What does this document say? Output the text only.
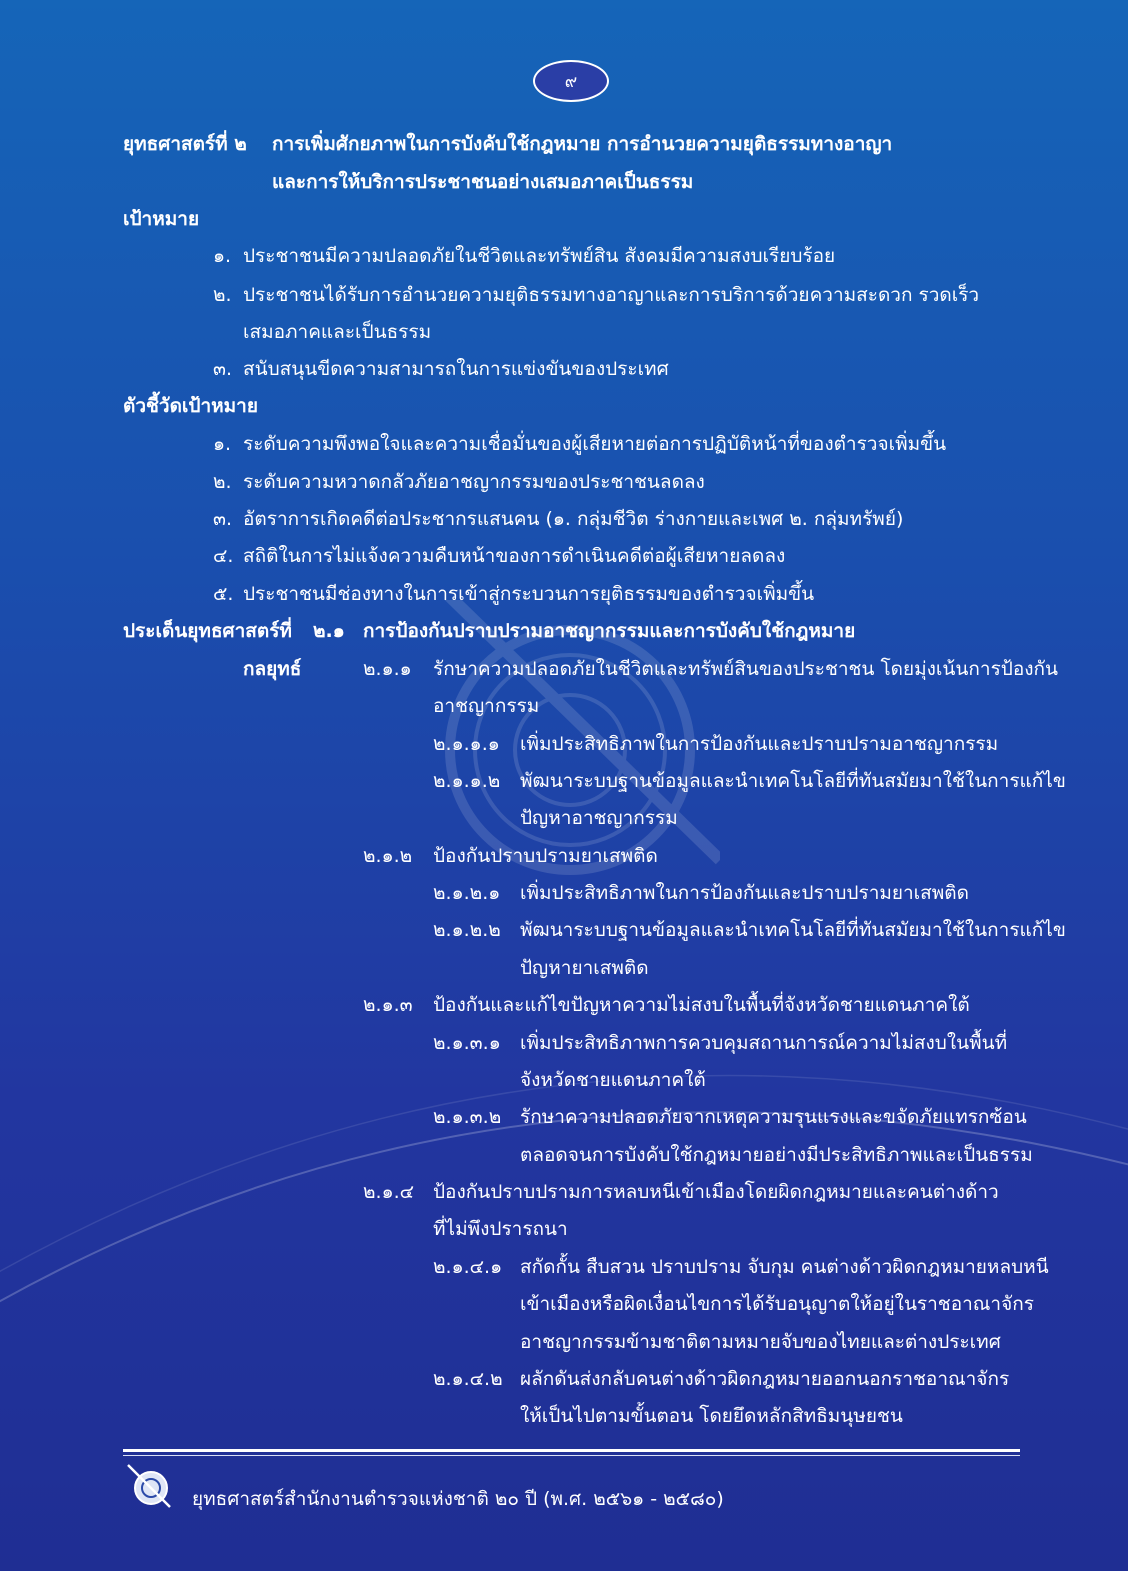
๙
ยุทธศาสตร์ที่ ๒ การเพิ่มศักยภาพในการบังคับใช้กฎหมาย การอำนวยความยุติธรรมทางอาญา
และการให้บริการประชาชนอย่างเสมอภาคเป็นธรรม
เป้าหมาย
๑. ประชาชนมีความปลอดภัยในชีวิตและทรัพย์สิน สังคมมีความสงบเรียบร้อย
๒. ประชาชนได้รับการอำนวยความยุติธรรมทางอาญาและการบริการด้วยความสะดวก รวดเร็ว
เสมอภาคและเป็นธรรม
๓. สนับสนุนขีดความสามารถในการแข่งขันของประเทศ
ตัวชี้วัดเป้าหมาย
๑. ระดับความพึงพอใจและความเชื่อมั่นของผู้เสียหายต่อการปฏิบัติหน้าที่ของตำรวจเพิ่มขึ้น
๒. ระดับความหวาดกลัวภัยอาชญากรรมของประชาชนลดลง
๓. อัตราการเกิดคดีต่อประชากรแสนคน (๑. กลุ่มชีวิต ร่างกายและเพศ ๒. กลุ่มทรัพย์)
๔. สถิติในการไม่แจ้งความคืบหน้าของการดำเนินคดีต่อผู้เสียหายลดลง
๕. ประชาชนมีช่องทางในการเข้าสู่กระบวนการยุติธรรมของตำรวจเพิ่มขึ้น
ประเด็นยุทธศาสตร์ที่ ๒.๑ การป้องกันปราบปรามอาชญากรรมและการบังคับใช้กฎหมาย
กลยุทธ์	๒.๑.๑ รักษาความปลอดภัยในชีวิตและทรัพย์สินของประชาชน โดยมุ่งเน้นการป้องกัน
อาชญากรรม
๒.๑.๑.๑ เพิ่มประสิทธิภาพในการป้องกันและปราบปรามอาชญากรรม
๒.๑.๑.๒ พัฒนาระบบฐานข้อมูลและนำเทคโนโลยีที่ทันสมัยมาใช้ในการแก้ไข
ปัญหาอาชญากรรม
๒.๑.๒ ป้องกันปราบปรามยาเสพติด
๒.๑.๒.๑ เพิ่มประสิทธิภาพในการป้องกันและปราบปรามยาเสพติด
๒.๑.๒.๒ พัฒนาระบบฐานข้อมูลและนำเทคโนโลยีที่ทันสมัยมาใช้ในการแก้ไข
ปัญหายาเสพติด
๒.๑.๓ ป้องกันและแก้ไขปัญหาความไม่สงบในพื้นที่จังหวัดชายแดนภาคใต้
๒.๑.๓.๑ เพิ่มประสิทธิภาพการควบคุมสถานการณ์ความไม่สงบในพื้นที่
จังหวัดชายแดนภาคใต้
๒.๑.๓.๒ รักษาความปลอดภัยจากเหตุความรุนแรงและขจัดภัยแทรกซ้อน
ตลอดจนการบังคับใช้กฎหมายอย่างมีประสิทธิภาพและเป็นธรรม
๒.๑.๔ ป้องกันปราบปรามการหลบหนีเข้าเมืองโดยผิดกฎหมายและคนต่างด้าว
ที่ไม่พึงปรารถนา
๒.๑.๔.๑ สกัดกั้น สืบสวน ปราบปราม จับกุม คนต่างด้าวผิดกฎหมายหลบหนี
เข้าเมืองหรือผิดเงื่อนไขการได้รับอนุญาตให้อยู่ในราชอาณาจักร
อาชญากรรมข้ามชาติตามหมายจับของไทยและต่างประเทศ
๒.๑.๔.๒ ผลักดันส่งกลับคนต่างด้าวผิดกฎหมายออกนอกราชอาณาจักร
ให้เป็นไปตามขั้นตอน โดยยึดหลักสิทธิมนุษยชน
ยุทธศาสตร์สำนักงานตำรวจแห่งชาติ ๒๐ ปี (พ.ศ. ๒๕๖๑ - ๒๕๘๐)
